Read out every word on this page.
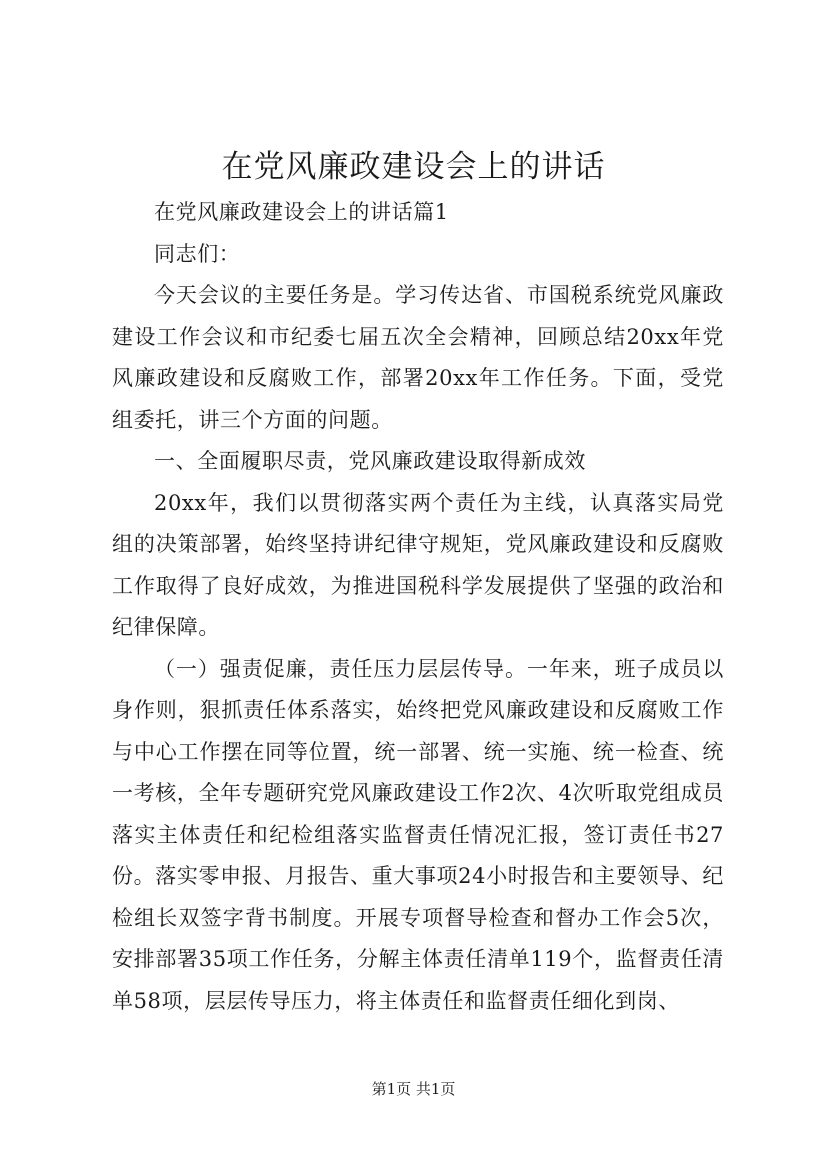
在党风廉政建设会上的讲话

在党风廉政建设会上的讲话篇1

同志们：

今天会议的主要任务是。学习传达省、市国税系统党风廉政建设工作会议和市纪委七届五次全会精神，回顾总结20xx年党风廉政建设和反腐败工作，部署20xx年工作任务。下面，受党组委托，讲三个方面的问题。

一、全面履职尽责，党风廉政建设取得新成效

20xx年，我们以贯彻落实两个责任为主线，认真落实局党组的决策部署，始终坚持讲纪律守规矩，党风廉政建设和反腐败工作取得了良好成效，为推进国税科学发展提供了坚强的政治和纪律保障。

（一）强责促廉，责任压力层层传导。一年来，班子成员以身作则，狠抓责任体系落实，始终把党风廉政建设和反腐败工作与中心工作摆在同等位置，统一部署、统一实施、统一检查、统一考核，全年专题研究党风廉政建设工作2次、4次听取党组成员落实主体责任和纪检组落实监督责任情况汇报，签订责任书27份。落实零申报、月报告、重大事项24小时报告和主要领导、纪检组长双签字背书制度。开展专项督导检查和督办工作会5次，安排部署35项工作任务，分解主体责任清单119个，监督责任清单58项，层层传导压力，将主体责任和监督责任细化到岗、

第1页 共1页
